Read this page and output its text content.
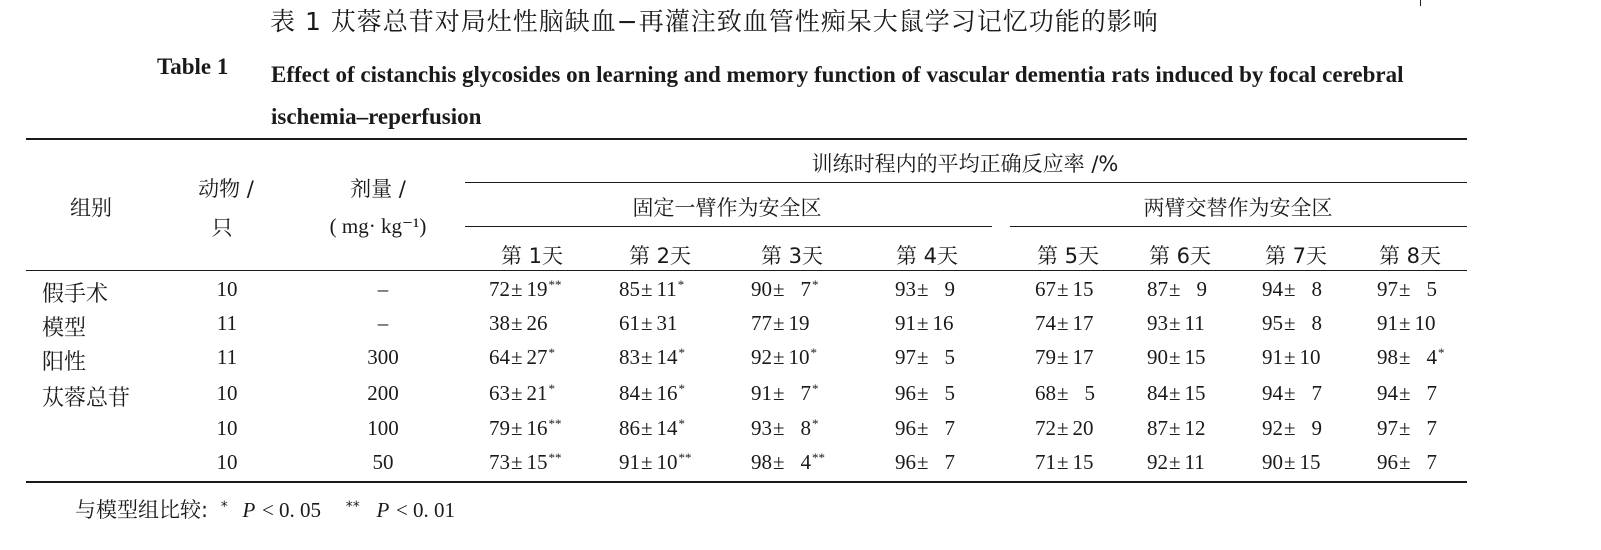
表 1 苁蓉总苷对局灶性脑缺血−再灌注致血管性痴呆大鼠学习记忆功能的影响
Table 1 Effect of cistanchis glycosides on learning and memory function of vascular dementia rats induced by focal cerebral ischemia–reperfusion
组别
动物 /
只
剂量 /
( mg· kg⁻¹)
训练时程内的平均正确反应率 /%
固定一臂作为安全区	两臂交替作为安全区
第 1天	第 2天	第 3天	第 4天	第 5天 第 6天	第 7天 第 8天
假手术	10	–	72± 19**	85± 11*	90± 7*	93± 9	67± 15	87± 9	94± 8	97± 5
模型	11	–	38± 26	61± 31	77± 19	91± 16	74± 17	93± 11	95± 8	91± 10
阳性	11	300	64± 27*	83± 14*	92± 10*	97± 5	79± 17	90± 15	91± 10	98± 4*
苁蓉总苷	10	200	63± 21*	84± 16*	91± 7*	96± 5	68± 5 84± 15	94± 7	94± 7
10	100	79± 16**	86± 14*	93± 8*	96± 7	72± 20	87± 12	92± 9	97± 7
10	50	73± 15**	91± 10**	98± 4**	96± 7	71± 15	92± 11	90± 15	96± 7
与模型组比较: * P < 0. 05 ** P < 0. 01
